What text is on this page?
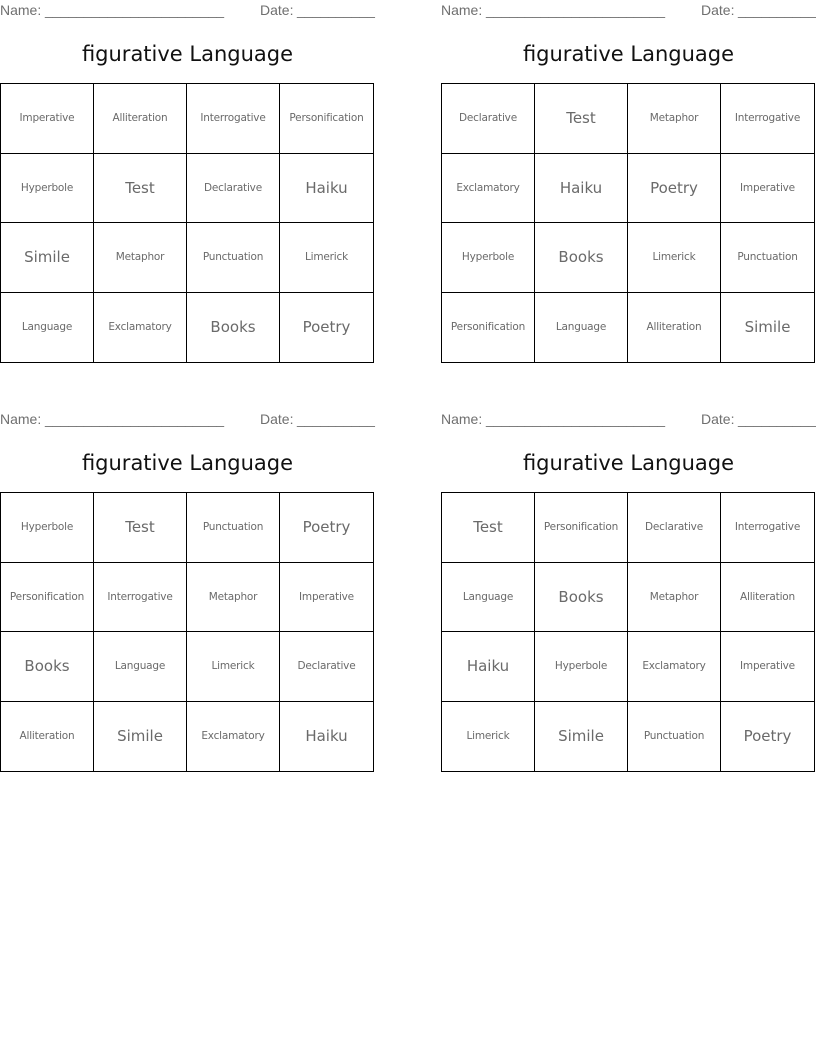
Name: _______________________	Date: __________
figurative Language
Imperative	Alliteration	Interrogative	Personification
Hyperbole	Test	Declarative	Haiku
Simile	Metaphor	Punctuation	Limerick
Language	Exclamatory	Books	Poetry
Name: _______________________	Date: __________
figurative Language
Declarative	Test	Metaphor	Interrogative
Exclamatory	Haiku	Poetry	Imperative
Hyperbole	Books	Limerick	Punctuation
Personification	Language	Alliteration	Simile
Name: _______________________	Date: __________
figurative Language
Hyperbole	Test	Punctuation	Poetry
Personification	Interrogative	Metaphor	Imperative
Books	Language	Limerick	Declarative
Alliteration	Simile	Exclamatory	Haiku
Name: _______________________	Date: __________
figurative Language
Test	Personification	Declarative	Interrogative
Language	Books	Metaphor	Alliteration
Haiku	Hyperbole	Exclamatory	Imperative
Limerick	Simile	Punctuation	Poetry
